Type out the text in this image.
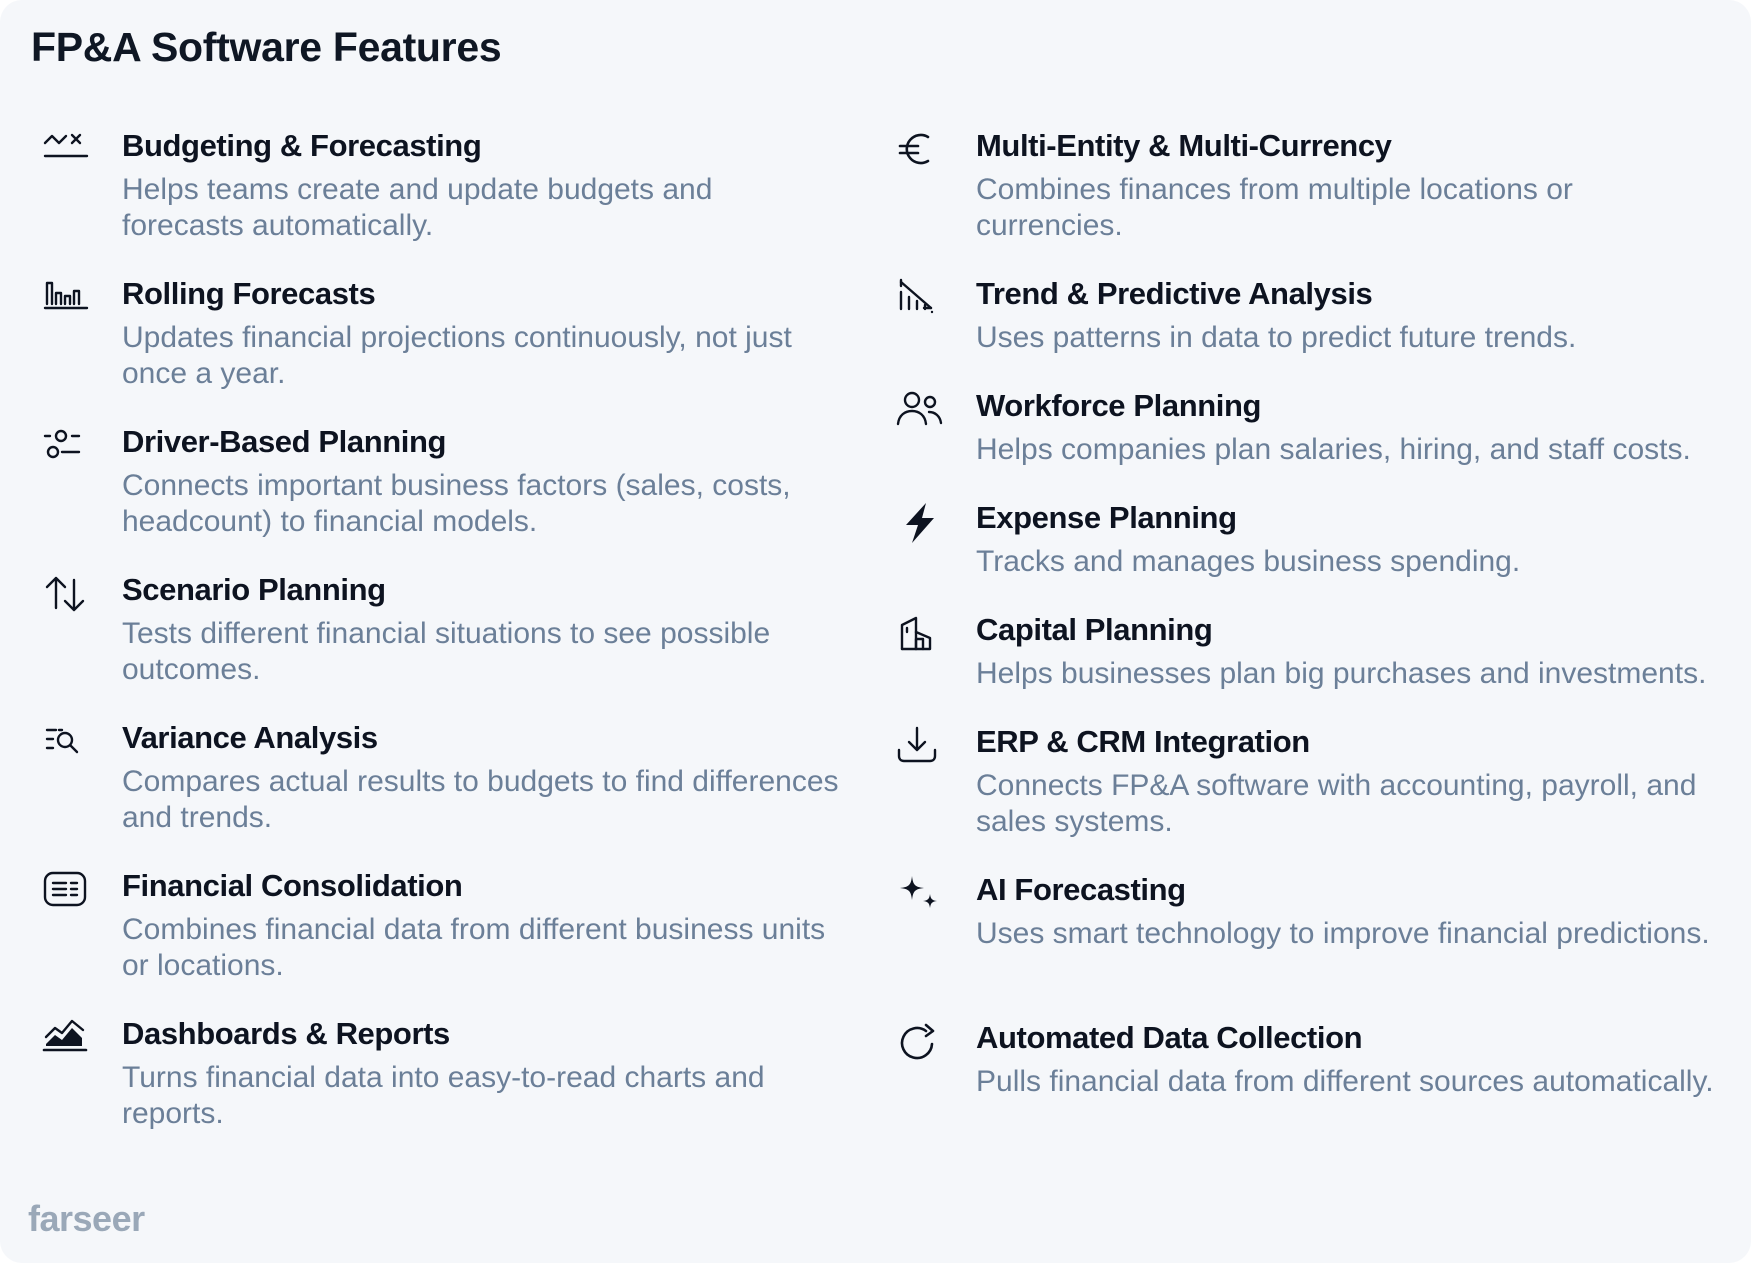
FP&A Software Features

Budgeting & Forecasting

Helps teams create and update budgets and forecasts automatically.

Rolling Forecasts

Updates financial projections continuously, not just once a year.

Driver-Based Planning

Connects important business factors (sales, costs, headcount) to financial models.

Scenario Planning

Tests different financial situations to see possible outcomes.

Variance Analysis

Compares actual results to budgets to find differences and trends.

Financial Consolidation

Combines financial data from different business units or locations.

Dashboards & Reports

Turns financial data into easy-to-read charts and reports.

Multi-Entity & Multi-Currency

Combines finances from multiple locations or currencies.

Trend & Predictive Analysis

Uses patterns in data to predict future trends.

Workforce Planning

Helps companies plan salaries, hiring, and staff costs.

Expense Planning

Tracks and manages business spending.

Capital Planning

Helps businesses plan big purchases and investments.

ERP & CRM Integration

Connects FP&A software with accounting, payroll, and sales systems.

AI Forecasting

Uses smart technology to improve financial predictions.

Automated Data Collection

Pulls financial data from different sources automatically.

farseer
